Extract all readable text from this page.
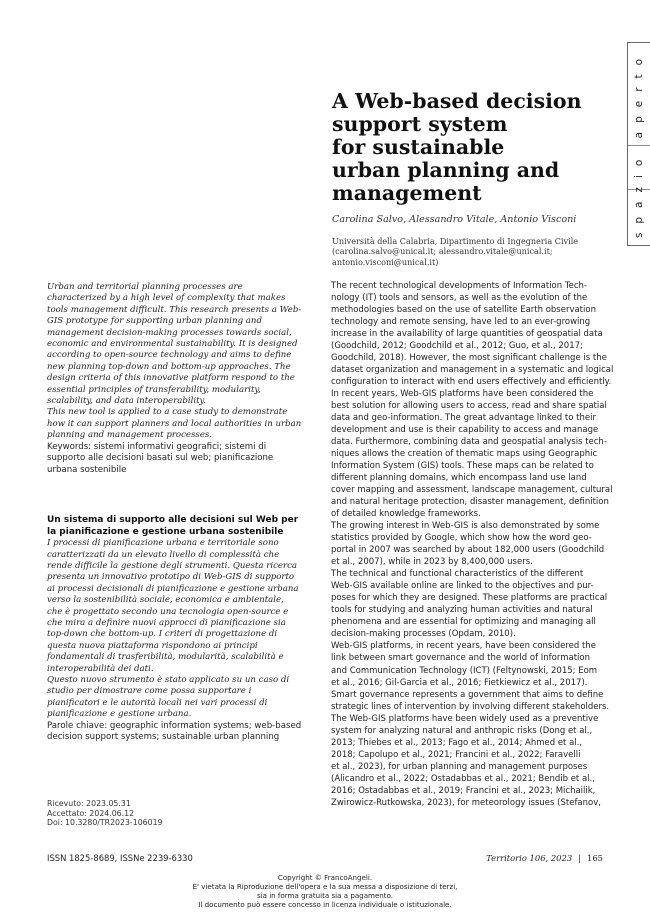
spazio aperto
A Web-based decision
support system
for sustainable
urban planning and
management
Carolina Salvo, Alessandro Vitale, Antonio Visconi
Università della Calabria, Dipartimento di Ingegneria Civile
(carolina.salvo@unical.it; alessandro.vitale@unical.it;
antonio.visconi@unical.it)

Urban and territorial planning processes are characterized by a high level of complexity that makes tools management difficult. This research presents a Web-GIS prototype for supporting urban planning and management decision-making processes towards social, economic and environmental sustainability. It is designed according to open-source technology and aims to define new planning top-down and bottom-up approaches. The design criteria of this innovative platform respond to the essential principles of transferability, modularity, scalability, and data interoperability.

This new tool is applied to a case study to demonstrate how it can support planners and local authorities in urban planning and management processes.

Keywords: sistemi informativi geografici; sistemi di supporto alle decisioni basati sul web; pianificazione urbana sostenibile

Un sistema di supporto alle decisioni sul Web per la pianificazione e gestione urbana sostenibile

I processi di pianificazione urbana e territoriale sono caratterizzati da un elevato livello di complessità che rende difficile la gestione degli strumenti. Questa ricerca presenta un innovativo prototipo di Web-GIS di supporto ai processi decisionali di pianificazione e gestione urbana verso la sostenibilità sociale, economica e ambientale, che è progettato secondo una tecnologia open-source e che mira a definire nuovi approcci di pianificazione sia top-down che bottom-up. I criteri di progettazione di questa nuova piattaforma rispondono ai principi fondamentali di trasferibilità, modularità, scalabilità e interoperabilità dei dati.

Questo nuovo strumento è stato applicato su un caso di studio per dimostrare come possa supportare i pianificatori e le autorità locali nei vari processi di pianificazione e gestione urbana.

Parole chiave: geographic information systems; web-based decision support systems; sustainable urban planning

Ricevuto: 2023.05.31
Accettato: 2024.06.12
Doi: 10.3280/TR2023-106019
The recent technological developments of Information Tech-
nology (IT) tools and sensors, as well as the evolution of the
methodologies based on the use of satellite Earth observation
technology and remote sensing, have led to an ever-growing
increase in the availability of large quantities of geospatial data
(Goodchild, 2012; Goodchild et al., 2012; Guo, et al., 2017;
Goodchild, 2018). However, the most significant challenge is the
dataset organization and management in a systematic and logical
configuration to interact with end users effectively and efficiently.
In recent years, Web-GIS platforms have been considered the
best solution for allowing users to access, read and share spatial
data and geo-information. The great advantage linked to their
development and use is their capability to access and manage
data. Furthermore, combining data and geospatial analysis tech-
niques allows the creation of thematic maps using Geographic
Information System (GIS) tools. These maps can be related to
different planning domains, which encompass land use land
cover mapping and assessment, landscape management, cultural
and natural heritage protection, disaster management, definition
of detailed knowledge frameworks.
The growing interest in Web-GIS is also demonstrated by some
statistics provided by Google, which show how the word geo-
portal in 2007 was searched by about 182,000 users (Goodchild
et al., 2007), while in 2023 by 8,400,000 users.
The technical and functional characteristics of the different
Web-GIS available online are linked to the objectives and pur-
poses for which they are designed. These platforms are practical
tools for studying and analyzing human activities and natural
phenomena and are essential for optimizing and managing all
decision-making processes (Opdam, 2010).
Web-GIS platforms, in recent years, have been considered the
link between smart governance and the world of Information
and Communication Technology (ICT) (Feltynowski, 2015; Eom
et al., 2016; Gil-Garcia et al., 2016; Fietkiewicz et al., 2017).
Smart governance represents a government that aims to define
strategic lines of intervention by involving different stakeholders.
The Web-GIS platforms have been widely used as a preventive
system for analyzing natural and anthropic risks (Dong et al.,
2013; Thiebes et al., 2013; Fago et al., 2014; Ahmed et al.,
2018; Capolupo et al., 2021; Francini et al., 2022; Faravelli
et al., 2023), for urban planning and management purposes
(Alicandro et al., 2022; Ostadabbas et al., 2021; Bendib et al.,
2016; Ostadabbas et al., 2019; Francini et al., 2023; Michailik,
Zwirowicz-Rutkowska, 2023), for meteorology issues (Stefanov,
ISSN 1825-8689, ISSNe 2239-6330	Territorio 106, 2023 | 165
Copyright © FrancoAngeli.
E' vietata la Riproduzione dell'opera e la sua messa a disposizione di terzi,
sia in forma gratuita sia a pagamento.
Il documento può essere concesso in licenza individuale o istituzionale.
